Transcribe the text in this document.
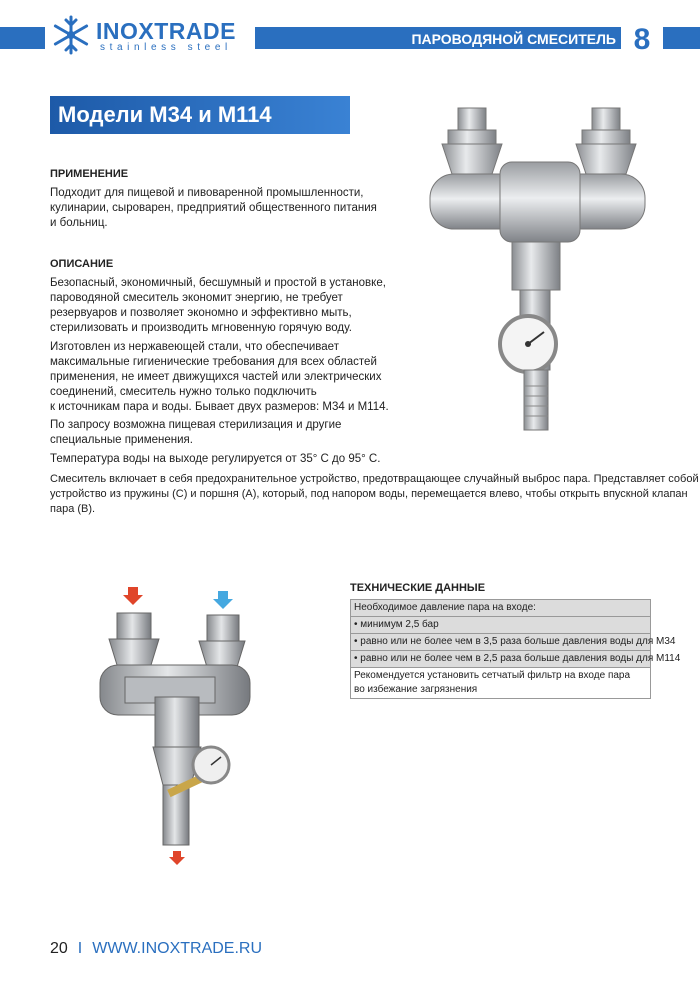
INOXTRADE
stainless steel
ПАРОВОДЯНОЙ СМЕСИТЕЛЬ 8
Модели М34 и М114
ПРИМЕНЕНИЕ
Подходит для пищевой и пивоваренной промышленности,
кулинарии, сыроварен, предприятий общественного питания
и больниц.
ОПИСАНИЕ
Безопасный, экономичный, бесшумный и простой в установке,
пароводяной смеситель экономит энергию, не требует
резервуаров и позволяет экономно и эффективно мыть,
стерилизовать и производить мгновенную горячую воду.
Изготовлен из нержавеющей стали, что обеспечивает
максимальные гигиенические требования для всех областей
применения, не имеет движущихся частей или электрических
соединений, смеситель нужно только подключить
к источникам пара и воды. Бывает двух размеров: М34 и М114.
По запросу возможна пищевая стерилизация и другие
специальные применения.
Температура воды на выходе регулируется от 35° С до 95° С.
Смеситель включает в себя предохранительное устройство, предотвращающее случайный выброс пара. Представляет собой
устройство из пружины (С) и поршня (А), который, под напором воды, перемещается влево, чтобы открыть впускной клапан
пара (В).
ТЕХНИЧЕСКИЕ ДАННЫЕ
Необходимое давление пара на входе:
• минимум 2,5 бар
• равно или не более чем в 3,5 раза больше давления воды для М34
• равно или не более чем в 2,5 раза больше давления воды для М114
Рекомендуется установить сетчатый фильтр на входе пара
во избежание загрязнения
20 I WWW.INOXTRADE.RU
